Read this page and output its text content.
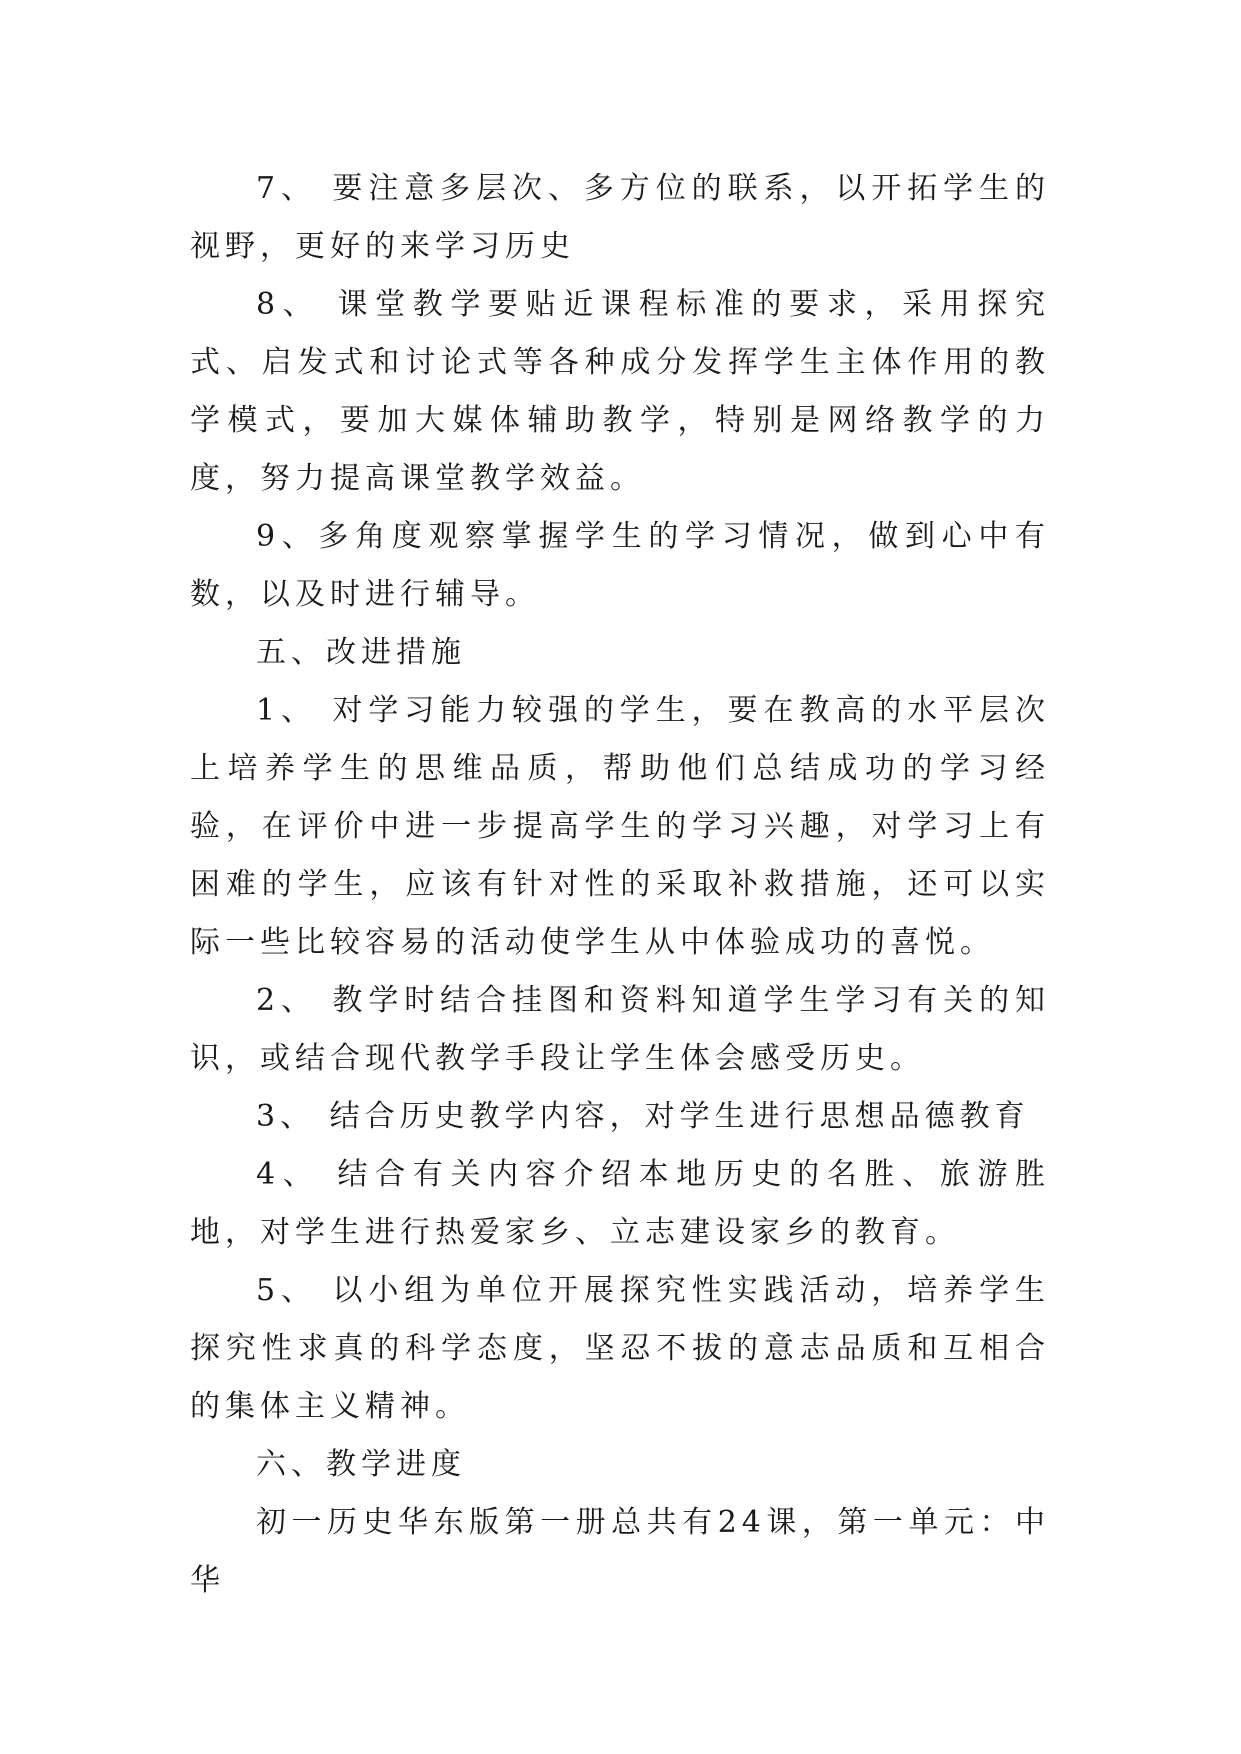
7、 要注意多层次、多方位的联系，以开拓学生的视野，更好的来学习历史

8、 课堂教学要贴近课程标准的要求，采用探究式、启发式和讨论式等各种成分发挥学生主体作用的教学模式，要加大媒体辅助教学，特别是网络教学的力度，努力提高课堂教学效益。

9、多角度观察掌握学生的学习情况，做到心中有数，以及时进行辅导。

五、改进措施

1、 对学习能力较强的学生，要在教高的水平层次上培养学生的思维品质，帮助他们总结成功的学习经验，在评价中进一步提高学生的学习兴趣，对学习上有困难的学生，应该有针对性的采取补救措施，还可以实际一些比较容易的活动使学生从中体验成功的喜悦。

2、 教学时结合挂图和资料知道学生学习有关的知识，或结合现代教学手段让学生体会感受历史。

3、 结合历史教学内容，对学生进行思想品德教育

4、 结合有关内容介绍本地历史的名胜、旅游胜地，对学生进行热爱家乡、立志建设家乡的教育。

5、 以小组为单位开展探究性实践活动，培养学生探究性求真的科学态度，坚忍不拔的意志品质和互相合的集体主义精神。

六、教学进度

初一历史华东版第一册总共有24课，第一单元：中华
